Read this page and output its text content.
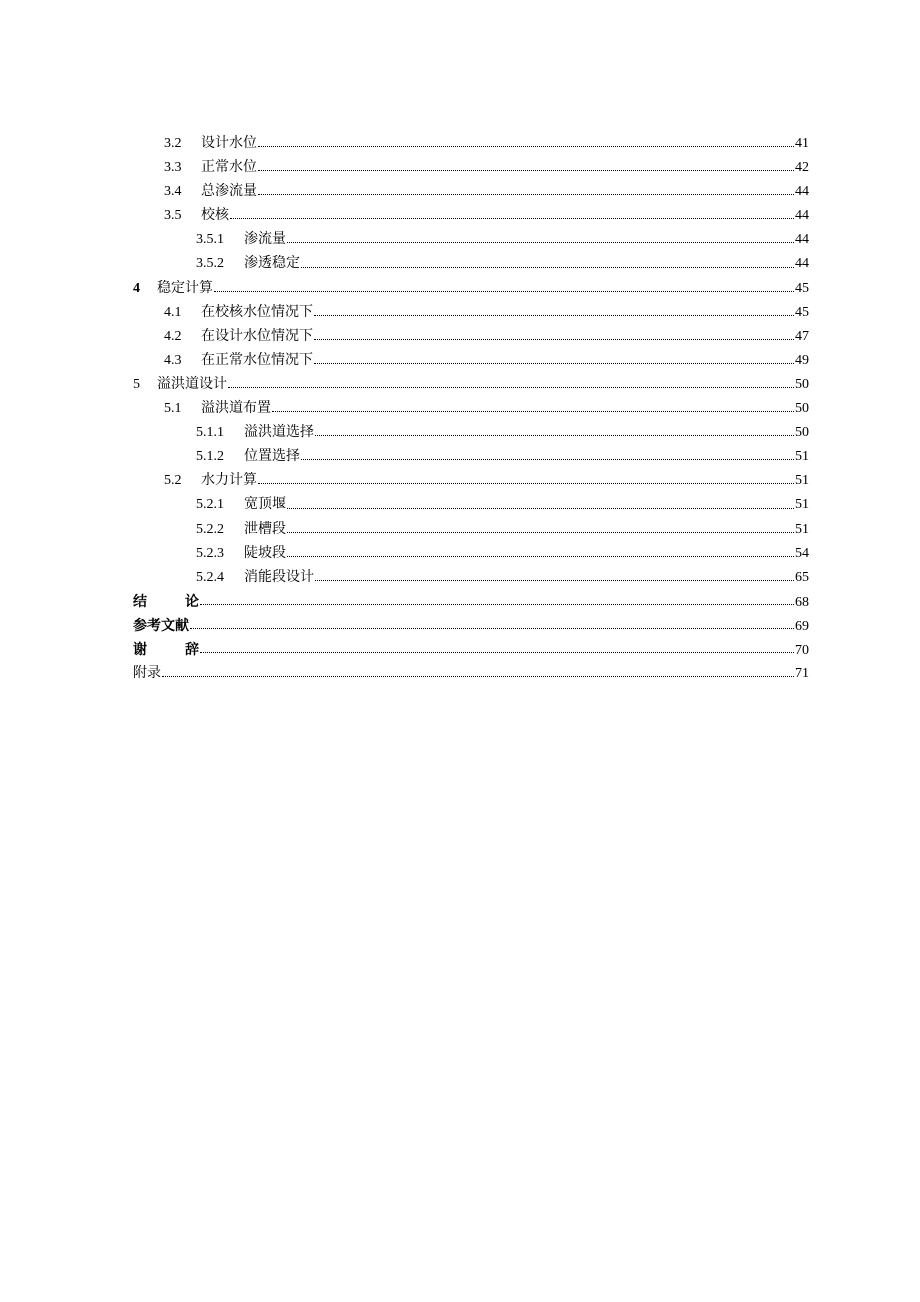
3.2	设计水位	41
3.3	正常水位	42
3.4	总渗流量	44
3.5	校核	44
3.5.1	渗流量	44
3.5.2	渗透稳定	44
4	稳定计算	45
4.1	在校核水位情况下	45
4.2	在设计水位情况下	47
4.3	在正常水位情况下	49
5	溢洪道设计	50
5.1	溢洪道布置	50
5.1.1	溢洪道选择	50
5.1.2	位置选择	51
5.2	水力计算	51
5.2.1	宽顶堰	51
5.2.2	泄槽段	51
5.2.3	陡坡段	54
5.2.4	消能段设计	65
结论	68
参考文献	69
谢辞	70
附录	71
